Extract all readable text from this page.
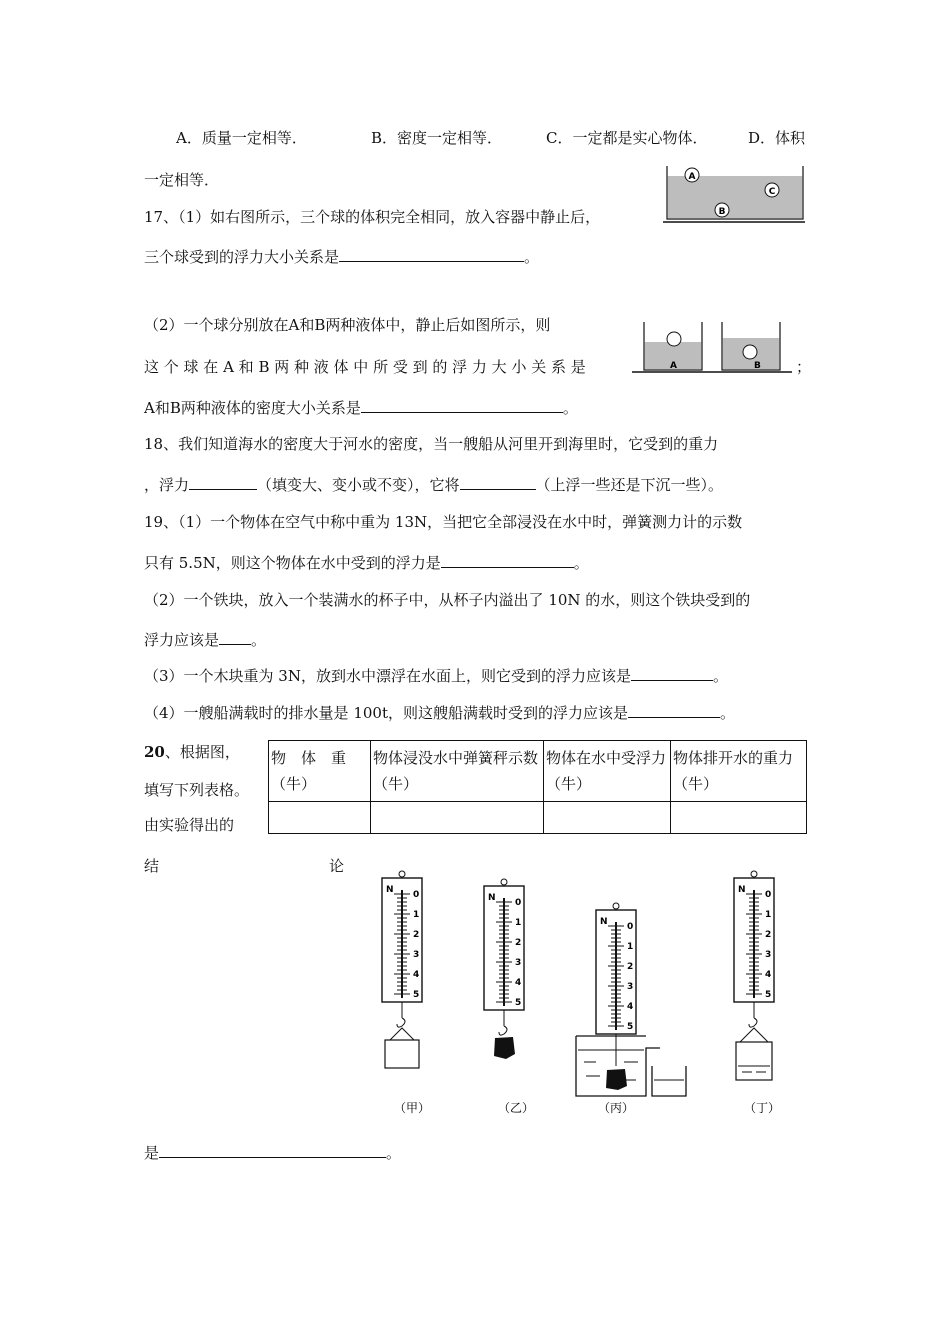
A．质量一定相等．	B．密度一定相等．	C．一定都是实心物体．	D．体积
一定相等．
17、（1）如右图所示，三个球的体积完全相同，放入容器中静止后，
三个球受到的浮力大小关系是	。
A
C
B
（2）一个球分别放在A和B两种液体中，静止后如图所示，则
这 个 球 在 A 和 B 两 种 液 体 中 所 受 到 的 浮 力 大 小 关 系 是	；
A和B两种液体的密度大小关系是	。
A	B
18、我们知道海水的密度大于河水的密度，当一艘船从河里开到海里时，它受到的重力
，浮力	（填变大、变小或不变），它将	（上浮一些还是下沉一些）。
19、（1）一个物体在空气中称中重为 13N，当把它全部浸没在水中时，弹簧测力计的示数
只有 5.5N，则这个物体在水中受到的浮力是	。
（2）一个铁块，放入一个装满水的杯子中，从杯子内溢出了 10N 的水，则这个铁块受到的
浮力应该是 。
（3）一个木块重为 3N，放到水中漂浮在水面上，则它受到的浮力应该是	。
（4）一艘船满载时的排水量是 100t，则这艘船满载时受到的浮力应该是	。
20、根据图，
填写下列表格。
由实验得出的
结	论
物　体　重（牛）	物体浸没水中弹簧秤示数（牛）	物体在水中受浮力（牛）	物体排开水的重力（牛）

N 0
1
2
3
4
5
N 0
1
2
3
4
5
N 0
1
2
3
4
5
N 0
1
2
3
4
5
（甲）	（乙）	（丙）	（丁）
是	。
